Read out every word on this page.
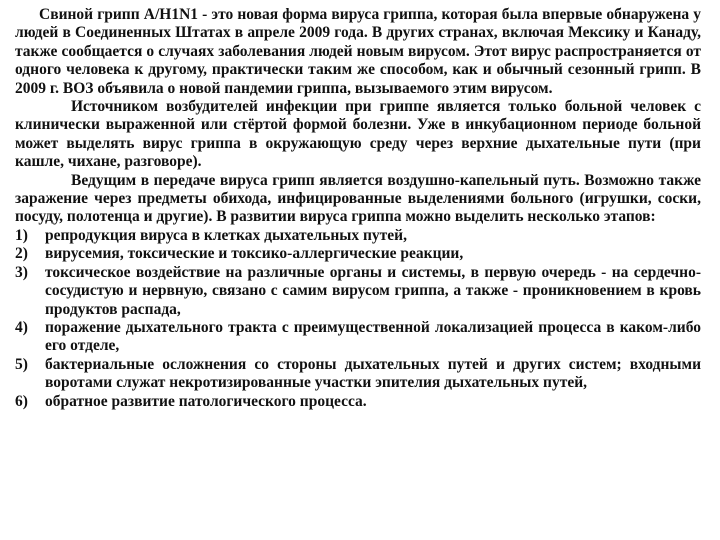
Свиной грипп A/H1N1 - это новая форма вируса гриппа, которая была впервые обнаружена у людей в Соединенных Штатах в апреле 2009 года. В других странах, включая Мексику и Канаду, также сообщается о случаях заболевания людей новым вирусом. Этот вирус распространяется от одного человека к другому, практически таким же способом, как и обычный сезонный грипп. В 2009 г. ВОЗ объявила о новой пандемии гриппа, вызываемого этим вирусом.

Источником возбудителей инфекции при гриппе является только больной человек с клинически выраженной или стёртой формой болезни. Уже в инкубационном периоде больной может выделять вирус гриппа в окружающую среду через верхние дыхательные пути (при кашле, чихане, разговоре).

Ведущим в передаче вируса грипп является воздушно-капельный путь. Возможно также заражение через предметы обихода, инфицированные выделениями больного (игрушки, соски, посуду, полотенца и другие). В развитии вируса гриппа можно выделить несколько этапов:

1) репродукция вируса в клетках дыхательных путей,
2) вирусемия, токсические и токсико-аллергические реакции,
3) токсическое воздействие на различные органы и системы, в первую очередь - на сердечно-сосудистую и нервную, связано с самим вирусом гриппа, а также - проникновением в кровь продуктов распада,
4) поражение дыхательного тракта с преимущественной локализацией процесса в каком-либо его отделе,
5) бактериальные осложнения со стороны дыхательных путей и других систем; входными воротами служат некротизированные участки эпителия дыхательных путей,
6) обратное развитие патологического процесса.
